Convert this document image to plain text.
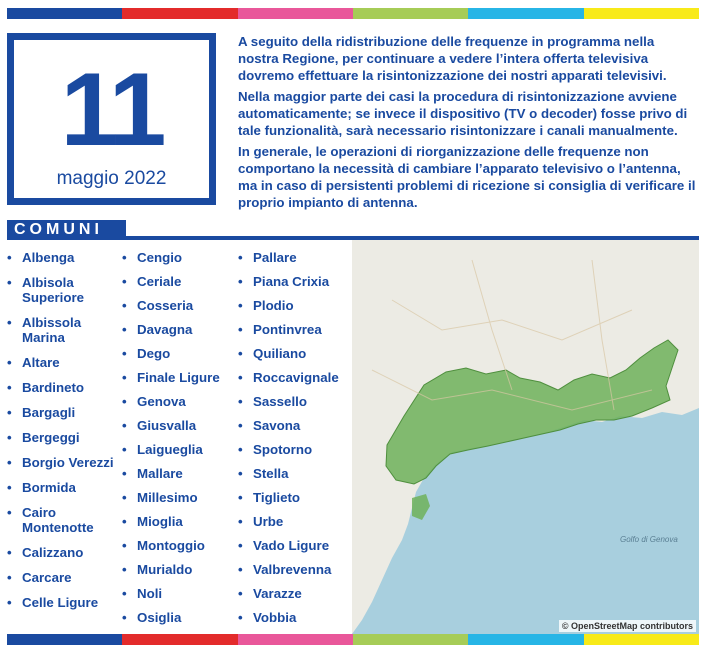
11
maggio 2022

A seguito della ridistribuzione delle frequenze in programma nella nostra Regione, per continuare a vedere l’intera offerta televisiva dovremo effettuare la risintonizzazione dei nostri apparati televisivi.

Nella maggior parte dei casi la procedura di risintonizzazione avviene automaticamente; se invece il dispositivo (TV o decoder) fosse privo di tale funzionalità, sarà necessario risintonizzare i canali manualmente.

In generale, le operazioni di riorganizzazione delle frequenze non comportano la necessità di cambiare l’apparato televisivo o l’antenna, ma in caso di persistenti problemi di ricezione si consiglia di verificare il proprio impianto di antenna.

COMUNI
• Albenga
• Albisola Superiore
• Albissola Marina
• Altare
• Bardineto
• Bargagli
• Bergeggi
• Borgio Verezzi
• Bormida
• Cairo Montenotte
• Calizzano
• Carcare
• Celle Ligure
• Cengio
• Ceriale
• Cosseria
• Davagna
• Dego
• Finale Ligure
• Genova
• Giusvalla
• Laigueglia
• Mallare
• Millesimo
• Mioglia
• Montoggio
• Murialdo
• Noli
• Osiglia
• Pallare
• Piana Crixia
• Plodio
• Pontinvrea
• Quiliano
• Roccavignale
• Sassello
• Savona
• Spotorno
• Stella
• Tiglieto
• Urbe
• Vado Ligure
• Valbrevenna
• Varazze
• Vobbia
Golfo di Genova
© OpenStreetMap contributors
